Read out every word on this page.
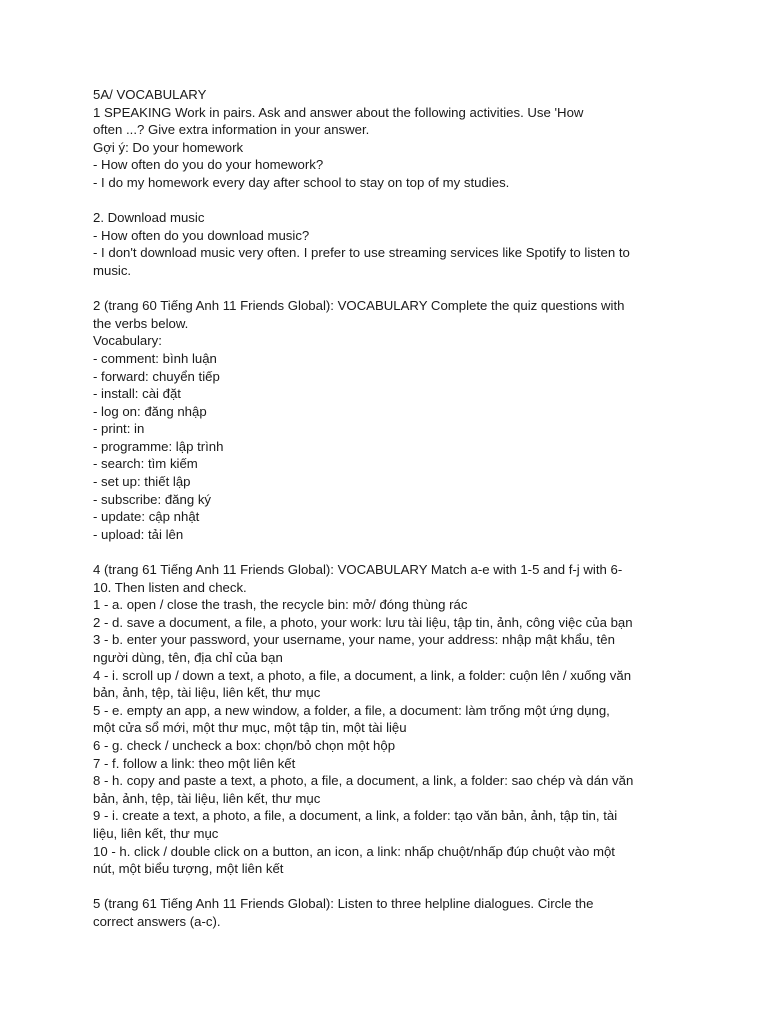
5A/ VOCABULARY
1 SPEAKING Work in pairs. Ask and answer about the following activities. Use 'How
often ...? Give extra information in your answer.
Gợi ý: Do your homework
- How often do you do your homework?
- I do my homework every day after school to stay on top of my studies.
2. Download music
- How often do you download music?
- I don't download music very often. I prefer to use streaming services like Spotify to listen to
music.
2 (trang 60 Tiếng Anh 11 Friends Global): VOCABULARY Complete the quiz questions with
the verbs below.
Vocabulary:
- comment: bình luận
- forward: chuyển tiếp
- install: cài đặt
- log on: đăng nhập
- print: in
- programme: lập trình
- search: tìm kiếm
- set up: thiết lập
- subscribe: đăng ký
- update: cập nhật
- upload: tải lên
4 (trang 61 Tiếng Anh 11 Friends Global): VOCABULARY Match a-e with 1-5 and f-j with 6-
10. Then listen and check.
1 - a. open / close the trash, the recycle bin: mở/ đóng thùng rác
2 - d. save a document, a file, a photo, your work: lưu tài liệu, tập tin, ảnh, công việc của bạn
3 - b. enter your password, your username, your name, your address: nhập mật khẩu, tên
người dùng, tên, địa chỉ của bạn
4 - i. scroll up / down a text, a photo, a file, a document, a link, a folder: cuộn lên / xuống văn
bản, ảnh, tệp, tài liệu, liên kết, thư mục
5 - e. empty an app, a new window, a folder, a file, a document: làm trống một ứng dụng,
một cửa sổ mới, một thư mục, một tập tin, một tài liệu
6 - g. check / uncheck a box: chọn/bỏ chọn một hộp
7 - f. follow a link: theo một liên kết
8 - h. copy and paste a text, a photo, a file, a document, a link, a folder: sao chép và dán văn
bản, ảnh, tệp, tài liệu, liên kết, thư mục
9 - i. create a text, a photo, a file, a document, a link, a folder: tạo văn bản, ảnh, tập tin, tài
liệu, liên kết, thư mục
10 - h. click / double click on a button, an icon, a link: nhấp chuột/nhấp đúp chuột vào một
nút, một biểu tượng, một liên kết
5 (trang 61 Tiếng Anh 11 Friends Global): Listen to three helpline dialogues. Circle the
correct answers (a-c).
